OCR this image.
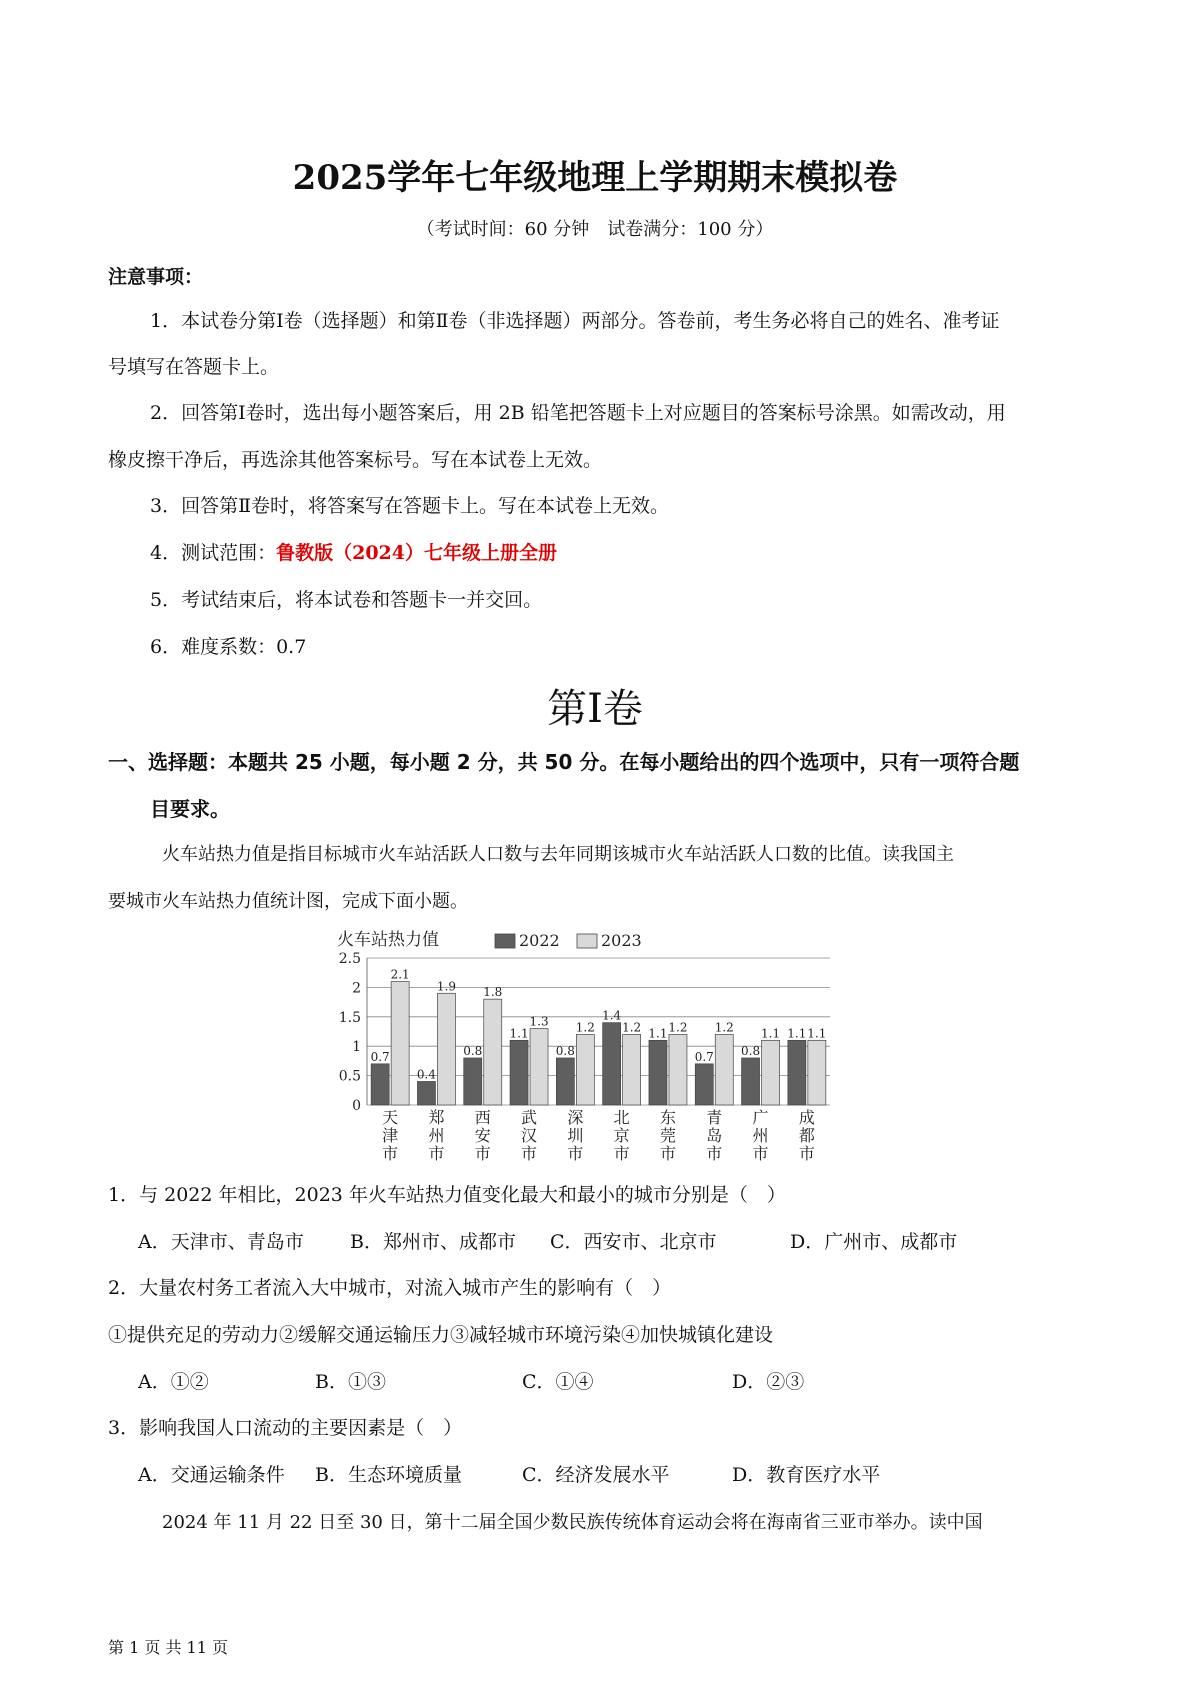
2025学年七年级地理上学期期末模拟卷
（考试时间：60 分钟　试卷满分：100 分）
注意事项：
1．本试卷分第Ⅰ卷（选择题）和第Ⅱ卷（非选择题）两部分。答卷前，考生务必将自己的姓名、准考证
号填写在答题卡上。
2．回答第Ⅰ卷时，选出每小题答案后，用 2B 铅笔把答题卡上对应题目的答案标号涂黑。如需改动，用
橡皮擦干净后，再选涂其他答案标号。写在本试卷上无效。
3．回答第Ⅱ卷时，将答案写在答题卡上。写在本试卷上无效。
4．测试范围：鲁教版（2024）七年级上册全册
5．考试结束后，将本试卷和答题卡一并交回。
6．难度系数：0.7
第Ⅰ卷
一、选择题：本题共 25 小题，每小题 2 分，共 50 分。在每小题给出的四个选项中，只有一项符合题
目要求。
火车站热力值是指目标城市火车站活跃人口数与去年同期该城市火车站活跃人口数的比值。读我国主
要城市火车站热力值统计图，完成下面小题。
火车站热力值	2022	2023
2.5
2
1.5
1
0.5
0
0.7
2.1
天
津
市
0.4
1.9
郑
州
市
0.8
1.8
西
安
市
1.1
1.3
武
汉
市
0.8
1.2
深
圳
市
1.4
1.2
北
京
市
1.1 1.2
东
莞
市
0.7
1.2
青
岛
市
0.8
1.1
广
州
市
1.1 1.1
成
都
市
1．与 2022 年相比，2023 年火车站热力值变化最大和最小的城市分别是（　）
A．天津市、青岛市 B．郑州市、成都市 C．西安市、北京市	D．广州市、成都市
2．大量农村务工者流入大中城市，对流入城市产生的影响有（　）
①提供充足的劳动力②缓解交通运输压力③减轻城市环境污染④加快城镇化建设
A．①②	B．①③	C．①④	D．②③
3．影响我国人口流动的主要因素是（　）
A．交通运输条件 B．生态环境质量	C．经济发展水平	D．教育医疗水平
2024 年 11 月 22 日至 30 日，第十二届全国少数民族传统体育运动会将在海南省三亚市举办。读中国
第 1 页 共 11 页
